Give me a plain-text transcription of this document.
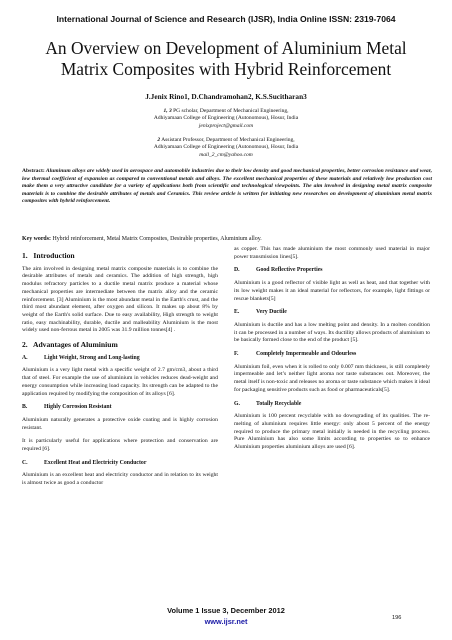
International Journal of Science and Research (IJSR), India Online ISSN: 2319-7064
An Overview on Development of Aluminium Metal
Matrix Composites with Hybrid Reinforcement
J.Jenix Rino1, D.Chandramohan2, K.S.Sucitharan3
1, 3 PG scholar, Department of Mechanical Engineering,
Adhiyamaan College of Engineering (Autonomous), Hosur, India
jenixproject@gmail.com
2 Assistant Professor, Department of Mechanical Engineering,
Adhiyamaan College of Engineering (Autonomous), Hosur, India
mail_2_cm@yahoo.com
Abstract: Aluminum alloys are widely used in aerospace and automobile industries due to their low density and good mechanical properties, better corrosion resistance and wear, low thermal coefficient of expansion as compared to conventional metals and alloys. The excellent mechanical properties of these materials and relatively low production cost make them a very attractive candidate for a variety of applications both from scientific and technological viewpoints. The aim involved in designing metal matrix composite materials is to combine the desirable attributes of metals and Ceramics. This review article is written for initiating new researches on development of aluminium metal matrix composites with hybrid reinforcement.
Key words: Hybrid reinforcement, Metal Matrix Composites, Desirable properties, Aluminium alloy.
1.   Introduction
The aim involved in designing metal matrix composite materials is to combine the desirable attributes of metals and ceramics. The addition of high strength, high modulus refractory particles to a ductile metal matrix produce a material whose mechanical properties are intermediate between the matrix alloy and the ceramic reinforcement. [3] Aluminium is the most abundant metal in the Earth's crust, and the third most abundant element, after oxygen and silicon. It makes up about 8% by weight of the Earth's solid surface. Due to easy availability, High strength to weight ratio, easy machinability, durable, ductile and malleability Aluminium is the most widely used non-ferrous metal in 2005 was 31.9 million tonnes[4] .
2.   Advantages of Aluminium
A.	Light Weight, Strong and Long-lasting
Aluminium is a very light metal with a specific weight of 2.7 gm/cm3, about a third that of steel. For example the use of aluminium in vehicles reduces dead-weight and energy consumption while increasing load capacity. Its strength can be adapted to the application required by modifying the composition of its alloys [6].
B.	Highly Corrosion Resistant
Aluminium naturally generates a protective oxide coating and is highly corrosion resistant.
It is particularly useful for applications where protection and conservation are required [6].
C.	Excellent Heat and Electricity Conductor
Aluminium is an excellent heat and electricity conductor and in relation to its weight is almost twice as good a conductor
as copper. This has made aluminium the most commonly used material in major power transmission lines[5].
D.	Good Reflective Properties
Aluminium is a good reflector of visible light as well as heat, and that together with its low weight makes it an ideal material for reflectors, for example, light fittings or rescue blankets[5]
E.	Very Ductile
Aluminium is ductile and has a low melting point and density. In a molten condition it can be processed in a number of ways. Its ductility allows products of aluminium to be basically formed close to the end of the product [5].
F.	Completely Impermeable and Odourless
Aluminium foil, even when it is rolled to only 0.007 mm thickness, is still completely impermeable and let’s neither light aroma nor taste substances out. Moreover, the metal itself is non-toxic and releases no aroma or taste substance which makes it ideal for packaging sensitive products such as food or pharmaceuticals[5].
G.	Totally Recyclable
Aluminium is 100 percent recyclable with no downgrading of its qualities. The re-melting of aluminium requires little energy: only about 5 percent of the energy required to produce the primary metal initially is needed in the recycling process. Pure Aluminium has also some limits according to properties so to enhance Aluminium properties aluminium alloys are used [6].
Volume 1 Issue 3, December 2012
www.ijsr.net	196
